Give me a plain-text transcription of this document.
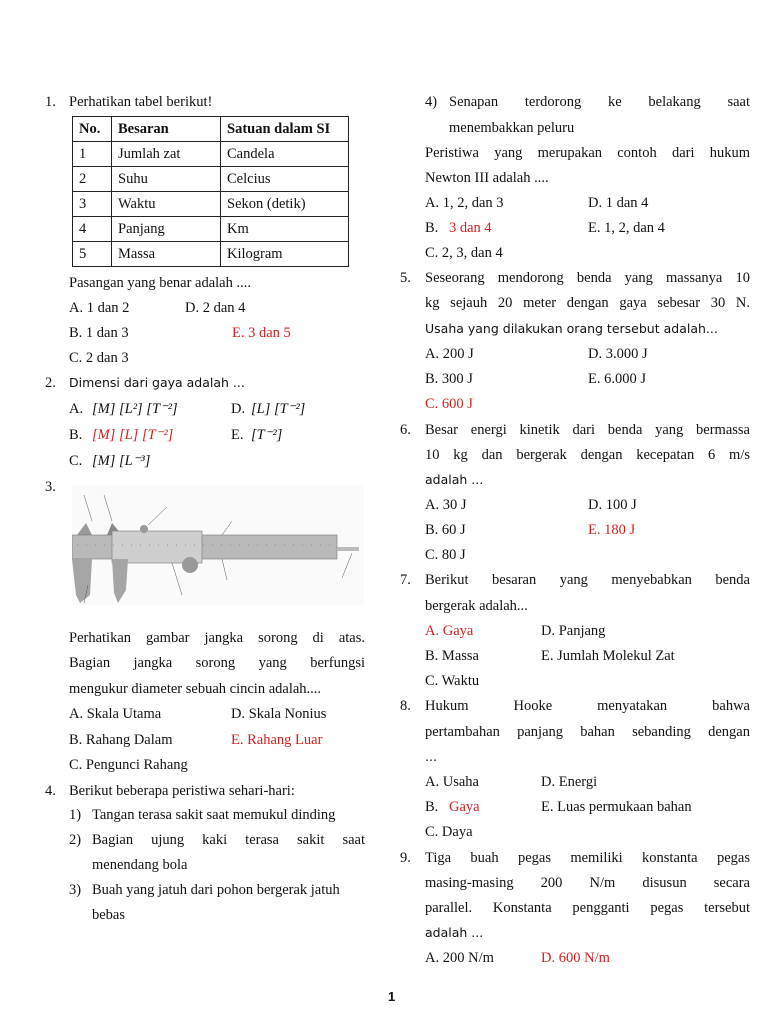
1. Perhatikan tabel berikut!
No.	Besaran	Satuan dalam SI
1	Jumlah zat	Candela
2	Suhu	Celcius
3	Waktu	Sekon (detik)
4	Panjang	Km
5	Massa	Kilogram
Pasangan yang benar adalah ....
A. 1 dan 2	D. 2 dan 4
B. 1 dan 3	E. 3 dan 5
C. 2 dan 3
2. Dimensi dari gaya adalah ...
A. [M] [L²] [T⁻²]	D. [L] [T⁻²]
B. [M] [L] [T⁻²]	E. [T⁻²]
C. [M] [L⁻³]
3.
Perhatikan gambar jangka sorong di atas.
Bagian jangka sorong yang berfungsi
mengukur diameter sebuah cincin adalah....
A. Skala Utama	D. Skala Nonius
B. Rahang Dalam	E. Rahang Luar
C. Pengunci Rahang
4. Berikut beberapa peristiwa sehari-hari:
1) Tangan terasa sakit saat memukul dinding
2) Bagian ujung kaki terasa sakit saat
menendang bola
3) Buah yang jatuh dari pohon bergerak jatuh
bebas
4) Senapan terdorong ke belakang saat
menembakkan peluru
Peristiwa yang merupakan contoh dari hukum
Newton III adalah ....
A. 1, 2, dan 3	D. 1 dan 4
B. 3 dan 4	E. 1, 2, dan 4
C. 2, 3, dan 4
5. Seseorang mendorong benda yang massanya 10
kg sejauh 20 meter dengan gaya sebesar 30 N.
Usaha yang dilakukan orang tersebut adalah...
A. 200 J	D. 3.000 J
B. 300 J	E. 6.000 J
C. 600 J
6. Besar energi kinetik dari benda yang bermassa
10 kg dan bergerak dengan kecepatan 6 m/s
adalah ...
A. 30 J	D. 100 J
B. 60 J	E. 180 J
C. 80 J
7. Berikut besaran yang menyebabkan benda
bergerak adalah...
A. Gaya	D. Panjang
B. Massa	E. Jumlah Molekul Zat
C. Waktu
8. Hukum Hooke menyatakan bahwa
pertambahan panjang bahan sebanding dengan
...
A. Usaha	D. Energi
B. Gaya	E. Luas permukaan bahan
C. Daya
9. Tiga buah pegas memiliki konstanta pegas
masing-masing 200 N/m disusun secara
parallel. Konstanta pengganti pegas tersebut
adalah ...
A. 200 N/m	D. 600 N/m
1
